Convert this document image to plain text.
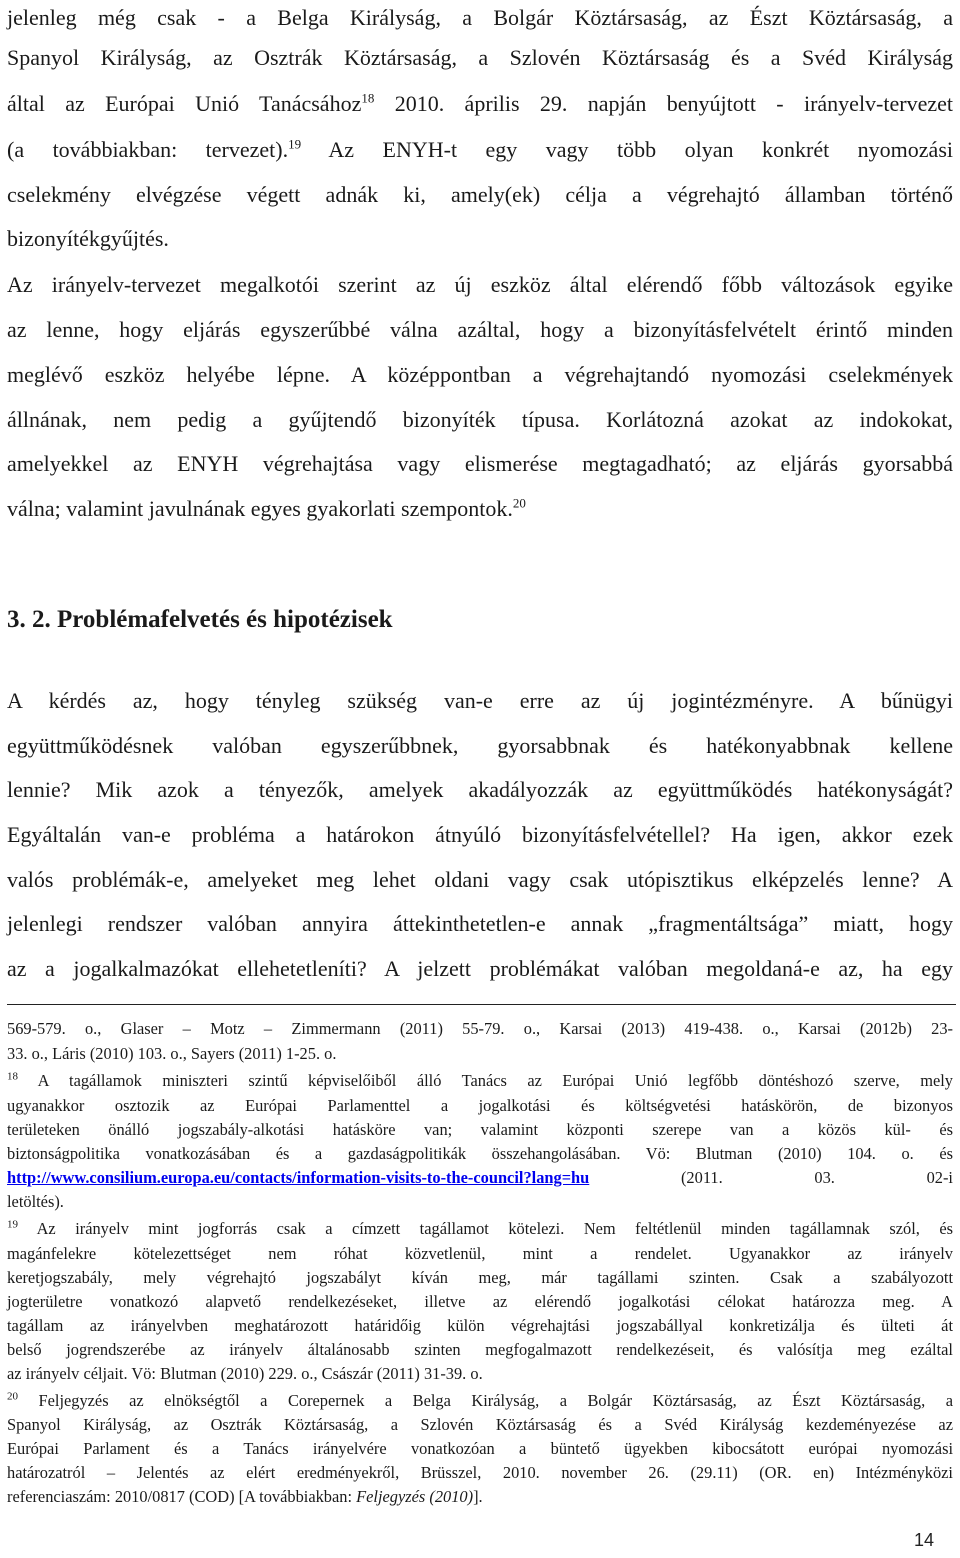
jelenleg még csak - a Belga Királyság, a Bolgár Köztársaság, az Észt Köztársaság, a
Spanyol Királyság, az Osztrák Köztársaság, a Szlovén Köztársaság és a Svéd Királyság
által az Európai Unió Tanácsához$^{18}$ 2010. április 29. napján benyújtott - irányelv-tervezet
(a továbbiakban: tervezet).$^{19}$ Az ENYH-t egy vagy több olyan konkrét nyomozási
cselekmény elvégzése végett adnák ki, amely(ek) célja a végrehajtó államban történő
bizonyítékgyűjtés.
Az irányelv-tervezet megalkotói szerint az új eszköz által elérendő főbb változások egyike
az lenne, hogy eljárás egyszerűbbé válna azáltal, hogy a bizonyításfelvételt érintő minden
meglévő eszköz helyébe lépne. A középpontban a végrehajtandó nyomozási cselekmények
állnának, nem pedig a gyűjtendő bizonyíték típusa. Korlátozná azokat az indokokat,
amelyekkel az ENYH végrehajtása vagy elismerése megtagadható; az eljárás gyorsabbá
válna; valamint javulnának egyes gyakorlati szempontok.$^{20}$
3. 2. Problémafelvetés és hipotézisek
A kérdés az, hogy tényleg szükség van-e erre az új jogintézményre. A bűnügyi
együttműködésnek valóban egyszerűbbnek, gyorsabbnak és hatékonyabbnak kellene
lennie? Mik azok a tényezők, amelyek akadályozzák az együttműködés hatékonyságát?
Egyáltalán van-e probléma a határokon átnyúló bizonyításfelvétellel? Ha igen, akkor ezek
valós problémák-e, amelyeket meg lehet oldani vagy csak utópisztikus elképzelés lenne? A
jelenlegi rendszer valóban annyira áttekinthetetlen-e annak „fragmentáltsága” miatt, hogy
az a jogalkalmazókat ellehetetleníti? A jelzett problémákat valóban megoldaná-e az, ha egy
569-579. o., Glaser – Motz – Zimmermann (2011) 55-79. o., Karsai (2013) 419-438. o., Karsai (2012b) 23-
33. o., Láris (2010) 103. o., Sayers (2011) 1-25. o.
$^{18}$ A tagállamok miniszteri szintű képviselőiből álló Tanács az Európai Unió legfőbb döntéshozó szerve, mely
ugyanakkor osztozik az Európai Parlamenttel a jogalkotási és költségvetési hatáskörön, de bizonyos
területeken önálló jogszabály-alkotási hatásköre van; valamint központi szerepe van a közös kül- és
biztonságpolitika vonatkozásában és a gazdaságpolitikák összehangolásában. Vö: Blutman (2010) 104. o. és
http://www.consilium.europa.eu/contacts/information-visits-to-the-council?lang=hu (2011. 03. 02-i
letöltés).
$^{19}$ Az irányelv mint jogforrás csak a címzett tagállamot kötelezi. Nem feltétlenül minden tagállamnak szól, és
magánfelekre kötelezettséget nem róhat közvetlenül, mint a rendelet. Ugyanakkor az irányelv
keretjogszabály, mely végrehajtó jogszabályt kíván meg, már tagállami szinten. Csak a szabályozott
jogterületre vonatkozó alapvető rendelkezéseket, illetve az elérendő jogalkotási célokat határozza meg. A
tagállam az irányelvben meghatározott határidőig külön végrehajtási jogszabállyal konkretizálja és ülteti át
belső jogrendszerébe az irányelv általánosabb szinten megfogalmazott rendelkezéseit, és valósítja meg ezáltal
az irányelv céljait. Vö: Blutman (2010) 229. o., Császár (2011) 31-39. o.
$^{20}$ Feljegyzés az elnökségtől a Corepernek a Belga Királyság, a Bolgár Köztársaság, az Észt Köztársaság, a
Spanyol Királyság, az Osztrák Köztársaság, a Szlovén Köztársaság és a Svéd Királyság kezdeményezése az
Európai Parlament és a Tanács irányelvére vonatkozóan a büntető ügyekben kibocsátott európai nyomozási
határozatról – Jelentés az elért eredményekről, Brüsszel, 2010. november 26. (29.11) (OR. en) Intézményközi
referenciaszám: 2010/0817 (COD) [A továbbiakban: Feljegyzés (2010)].
14
